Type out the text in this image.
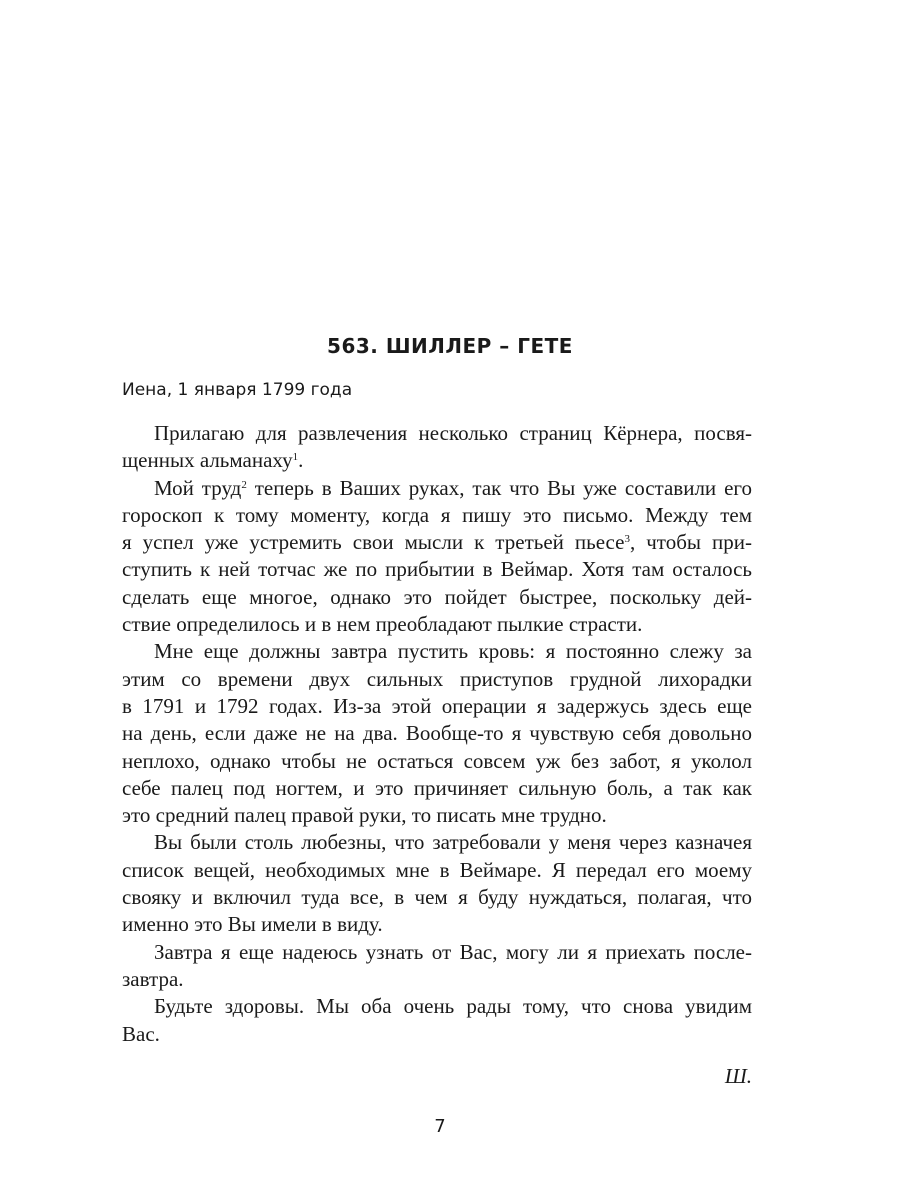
563. ШИЛЛЕР – ГЕТЕ
Иена, 1 января 1799 года
Прилагаю для развлечения несколько страниц Кёрнера, посвя-
щенных альманаху$^1$.
Мой труд$^2$ теперь в Ваших руках, так что Вы уже составили его
гороскоп к тому моменту, когда я пишу это письмо. Между тем
я успел уже устремить свои мысли к третьей пьесе$^3$, чтобы при-
ступить к ней тотчас же по прибытии в Веймар. Хотя там осталось
сделать еще многое, однако это пойдет быстрее, поскольку дей-
ствие определилось и в нем преобладают пылкие страсти.
Мне еще должны завтра пустить кровь: я постоянно слежу за
этим со времени двух сильных приступов грудной лихорадки
в 1791 и 1792 годах. Из-за этой операции я задержусь здесь еще
на день, если даже не на два. Вообще-то я чувствую себя довольно
неплохо, однако чтобы не остаться совсем уж без забот, я уколол
себе палец под ногтем, и это причиняет сильную боль, а так как
это средний палец правой руки, то писать мне трудно.
Вы были столь любезны, что затребовали у меня через казначея
список вещей, необходимых мне в Веймаре. Я передал его моему
свояку и включил туда все, в чем я буду нуждаться, полагая, что
именно это Вы имели в виду.
Завтра я еще надеюсь узнать от Вас, могу ли я приехать после-
завтра.
Будьте здоровы. Мы оба очень рады тому, что снова увидим
Вас.
Ш.
7
